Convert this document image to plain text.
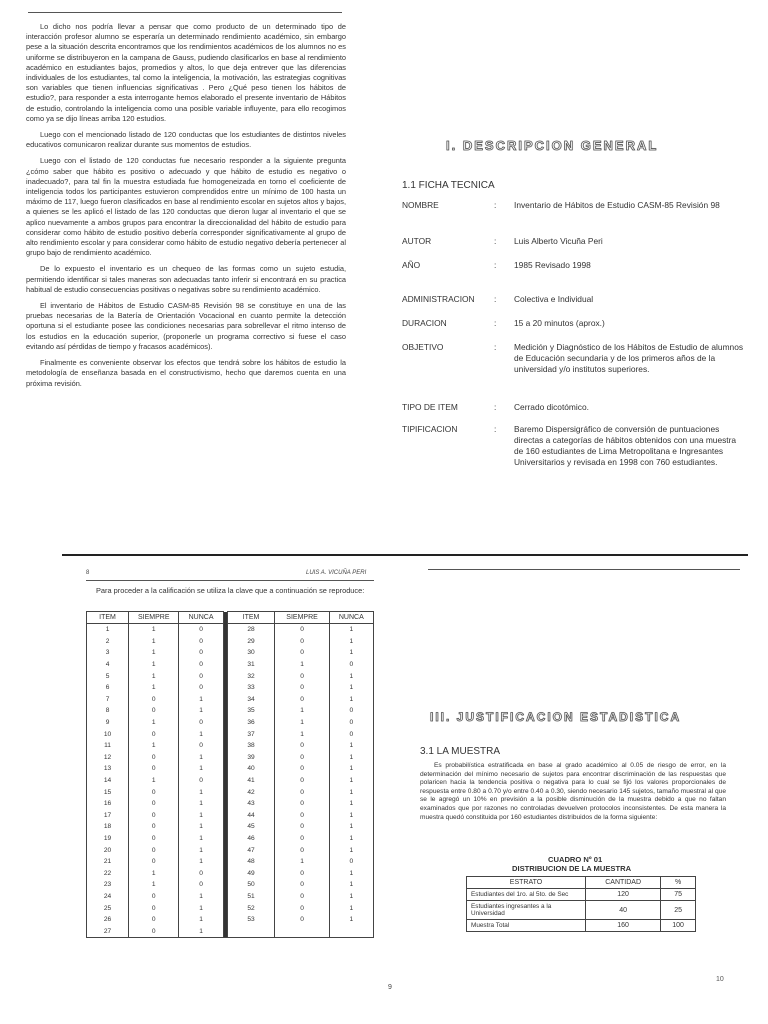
Lo dicho nos podría llevar a pensar que como producto de un determinado tipo de interacción profesor alumno se esperaría un determinado rendimiento académico, sin embargo pese a la situación descrita encontramos que los rendimientos académicos de los alumnos no es uniforme se distribuyeron en la campana de Gauss, pudiendo clasificarlos en base al rendimiento académico en estudiantes bajos, promedios y altos, lo que deja entrever que las diferencias individuales de los estudiantes, tal como la inteligencia, la motivación, las estrategias cognitivas son variables que tienen influencias significativas . Pero ¿Qué peso tienen los hábitos de estudio?, para responder a esta interrogante hemos elaborado el presente inventario de Hábitos de estudio, controlando la inteligencia como una posible variable influyente, para ello recogimos como ya se dijo líneas arriba 120 estudios.

Luego con el mencionado listado de 120 conductas que los estudiantes de distintos niveles educativos comunicaron realizar durante sus momentos de estudios.

Luego con el listado de 120 conductas fue necesario responder a la siguiente pregunta ¿cómo saber que hábito es positivo o adecuado y que hábito de estudio es negativo o inadecuado?, para tal fin la muestra estudiada fue homogeneizada en torno el coeficiente de inteligencia todos los participantes estuvieron comprendidos entre un mínimo de 100 hasta un máximo de 117, luego fueron clasificados en base al rendimiento escolar en sujetos altos y bajos, a quienes se les aplicó el listado de las 120 conductas que dieron lugar al inventario el que se aplico nuevamente a ambos grupos para encontrar la direccionalidad del hábito de estudio para considerar como hábito de estudio positivo debería corresponder significativamente al grupo de alto rendimiento escolar y para considerar como hábito de estudio negativo debería pertenecer al grupo bajo de rendimiento académico.

De lo expuesto el inventario es un chequeo de las formas como un sujeto estudia, permitiendo identificar si tales maneras son adecuadas tanto inferir si encontrará en su practica habitual de estudio consecuencias positivas o negativas sobre su rendimiento académico.

El inventario de Hábitos de Estudio CASM-85 Revisión 98 se constituye en una de las pruebas necesarias de la Batería de Orientación Vocacional en cuanto permite la detección oportuna si el estudiante posee las condiciones necesarias para sobrellevar el ritmo intenso de los estudios en la educación superior, (proponerle un programa correctivo si fuese el caso evitando así pérdidas de tiempo y fracasos académicos).

Finalmente es conveniente observar los efectos que tendrá sobre los hábitos de estudio la metodología de enseñanza basada en el constructivismo, hecho que daremos cuenta en una próxima revisión.

I. DESCRIPCION GENERAL
1.1 FICHA TECNICA
NOMBRE	: Inventario de Hábitos de Estudio CASM-85 Revisión 98
AUTOR	: Luis Alberto Vicuña Peri
AÑO	: 1985 Revisado 1998
ADMINISTRACION	: Colectiva e Individual
DURACION	: 15 a 20 minutos (aprox.)
OBJETIVO	: Medición y Diagnóstico de los Hábitos de Estudio de alumnos de Educación secundaria y de los primeros años de la universidad y/o institutos superiores.
TIPO DE ITEM	: Cerrado dicotómico.
TIPIFICACION	: Baremo Dispersigráfico de conversión de puntuaciones directas a categorías de hábitos obtenidos con una muestra de 160 estudiantes de Lima Metropolitana e Ingresantes Universitarios y revisada en 1998 con 760 estudiantes.
8	LUIS A. VICUÑA PERI
Para proceder a la calificación se utiliza la clave que a continuación se reproduce:
ITEM	SIEMPRE	NUNCA		ITEM	SIEMPRE	NUNCA
1	1	0		28	0	1
2	1	0		29	0	1
3	1	0		30	0	1
4	1	0		31	1	0
5	1	0		32	0	1
6	1	0		33	0	1
7	0	1		34	0	1
8	0	1		35	1	0
9	1	0		36	1	0
10	0	1		37	1	0
11	1	0		38	0	1
12	0	1		39	0	1
13	0	1		40	0	1
14	1	0		41	0	1
15	0	1		42	0	1
16	0	1		43	0	1
17	0	1		44	0	1
18	0	1		45	0	1
19	0	1		46	0	1
20	0	1		47	0	1
21	0	1		48	1	0
22	1	0		49	0	1
23	1	0		50	0	1
24	0	1		51	0	1
25	0	1		52	0	1
26	0	1		53	0	1
27	0	1				
III. JUSTIFICACION ESTADISTICA
3.1 LA MUESTRA
Es probabilística estratificada en base al grado académico al 0.05 de riesgo de error, en la determinación del mínimo necesario de sujetos para encontrar discriminación de las respuestas que polaricen hacia la tendencia positiva o negativa para lo cual se fijó los valores proporcionales de respuesta entre 0.80 a 0.70 y/o entre 0.40 a 0.30, siendo necesario 145 sujetos, tamaño muestral al que se le agregó un 10% en previsión a la posible disminución de la muestra debido a que no faltan examinados que por razones no controladas devuelven protocolos inconsistentes. De esta manera la muestra quedó constituida por 160 estudiantes distribuidos de la forma siguiente:
CUADRO Nº 01
DISTRIBUCION DE LA MUESTRA
ESTRATO	CANTIDAD	%
Estudiantes del 1ro. al 5to. de Sec	120	75
Estudiantes ingresantes a la Universidad	40	25
Muestra Total	160	100
9
10
